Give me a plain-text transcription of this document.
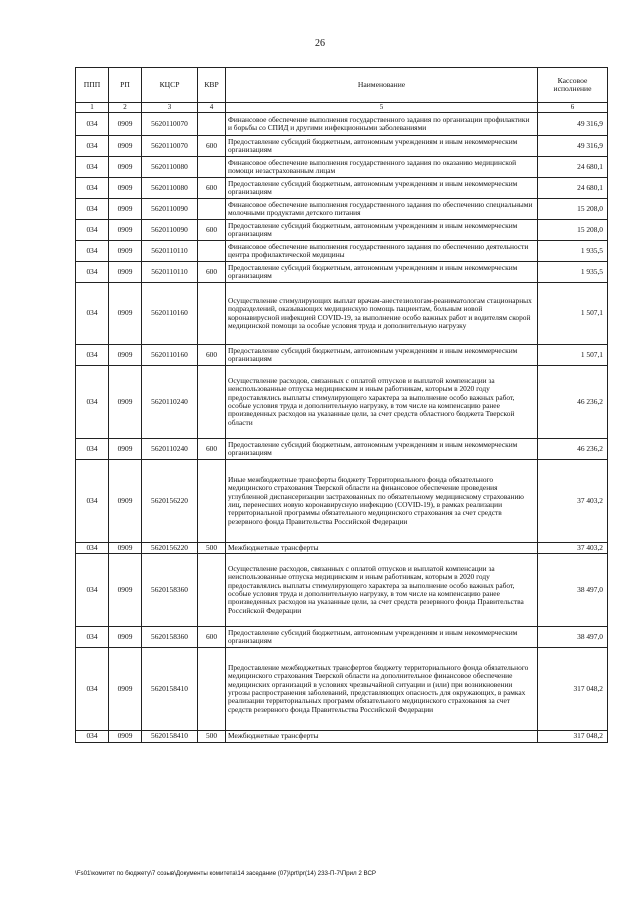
26
ППП	РП	КЦСР	КВР	Наименование	Кассовое исполнение
1	2	3	4	5	6
034	0909	5620110070		Финансовое обеспечение выполнения государственного задания по организации профилактики и борьбы со СПИД и другими инфекционными заболеваниями	49 316,9
034	0909	5620110070	600	Предоставление субсидий бюджетным, автономным учреждениям и иным некоммерческим организациям	49 316,9
034	0909	5620110080		Финансовое обеспечение выполнения государственного задания по оказанию медицинской помощи незастрахованным лицам	24 680,1
034	0909	5620110080	600	Предоставление субсидий бюджетным, автономным учреждениям и иным некоммерческим организациям	24 680,1
034	0909	5620110090		Финансовое обеспечение выполнения государственного задания по обеспечению специальными молочными продуктами детского питания	15 208,0
034	0909	5620110090	600	Предоставление субсидий бюджетным, автономным учреждениям и иным некоммерческим организациям	15 208,0
034	0909	5620110110		Финансовое обеспечение выполнения государственного задания по обеспечению деятельности центра профилактической медицины	1 935,5
034	0909	5620110110	600	Предоставление субсидий бюджетным, автономным учреждениям и иным некоммерческим организациям	1 935,5
034	0909	5620110160		Осуществление стимулирующих выплат врачам-анестезиологам-реаниматологам стационарных подразделений, оказывающих медицинскую помощь пациентам, больным новой коронавирусной инфекцией COVID-19, за выполнение особо важных работ и водителям скорой медицинской помощи за особые условия труда и дополнительную нагрузку	1 507,1
034	0909	5620110160	600	Предоставление субсидий бюджетным, автономным учреждениям и иным некоммерческим организациям	1 507,1
034	0909	5620110240		Осуществление расходов, связанных с оплатой отпусков и выплатой компенсации за неиспользованные отпуска медицинским и иным работникам, которым в 2020 году предоставлялись выплаты стимулирующего характера за выполнение особо важных работ, особые условия труда и дополнительную нагрузку, в том числе на компенсацию ранее произведенных расходов на указанные цели, за счет средств областного бюджета Тверской области	46 236,2
034	0909	5620110240	600	Предоставление субсидий бюджетным, автономным учреждениям и иным некоммерческим организациям	46 236,2
034	0909	5620156220		Иные межбюджетные трансферты бюджету Территориального фонда обязательного медицинского страхования Тверской области на финансовое обеспечение проведения углубленной диспансеризации застрахованных по обязательному медицинскому страхованию лиц, перенесших новую коронавирусную инфекцию (COVID-19), в рамках реализации территориальной программы обязательного медицинского страхования за счет средств резервного фонда Правительства Российской Федерации	37 403,2
034	0909	5620156220	500	Межбюджетные трансферты	37 403,2
034	0909	5620158360		Осуществление расходов, связанных с оплатой отпусков и выплатой компенсации за неиспользованные отпуска медицинским и иным работникам, которым в 2020 году предоставлялись выплаты стимулирующего характера за выполнение особо важных работ, особые условия труда и дополнительную нагрузку, в том числе на компенсацию ранее произведенных расходов на указанные цели, за счет средств резервного фонда Правительства Российской Федерации	38 497,0
034	0909	5620158360	600	Предоставление субсидий бюджетным, автономным учреждениям и иным некоммерческим организациям	38 497,0
034	0909	5620158410		Предоставление межбюджетных трансфертов бюджету территориального фонда обязательного медицинского страхования Тверской области на дополнительное финансовое обеспечение медицинских организаций в условиях чрезвычайной ситуации и (или) при возникновении угрозы распространения заболеваний, представляющих опасность для окружающих, в рамках реализации территориальных программ обязательного медицинского страхования за счет средств резервного фонда Правительства Российской Федерации	317 048,2
034	0909	5620158410	500	Межбюджетные трансферты	317 048,2
\Fs01\комитет по бюджету\7 созыв\Документы комитета\14 заседание (07)\prt\pr(14) 233-П-7\Прил 2 ВСР
